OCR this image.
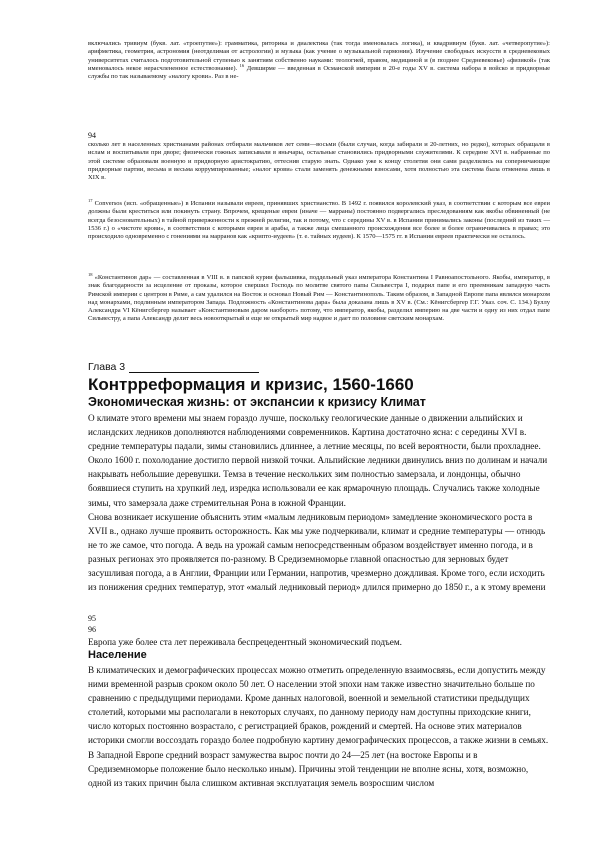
включались тривиум (букв. лат. «троепутие»): грамматика, риторика и диалектика (так тогда именовалась логика), и квадривиум (букв. лат. «четверопутие»): арифметика, геометрия, астрономия (неотделимая от астрологии) и музыка (как учение о музыкальной гармонии). Изучение свободных искусств в средневековых университетах считалось подготовительной ступенью к занятиям собственно науками: теологией, правом, медициной и (в позднее Средневековье) «физикой» (так именовалось некое нерасчлененное естествознание). $^{16}$ Девширме — введенная в Османской империи в 20-е годы XV в. система набора в войско и придворные службы по так называемому «налогу крови». Раз в не-

94

сколько лет в населенных христианами районах отбирали мальчиков лет семи—восьми (были случаи, когда забирали и 20-летних, но редко), которых обращали в ислам и воспитывали при дворе; физически гожных записывали в янычары, остальные становились придворными служителями. К середине XVI в. набранные по этой системе образовали военную и придворную аристократию, оттеснив старую знать. Однако уже к концу столетия они сами разделились на соперничающие придворные партии, весьма и весьма коррумпированные; «налог крови» стали заменять денежными взносами, хотя полностью эта система была отменена лишь в XIX в.

$^{17}$ Conversos (исп. «обращенные») в Испании называли евреев, принявших христианство. В 1492 г. появился королевский указ, в соответствии с которым все евреи должны были креститься или покинуть страну. Впрочем, крещеные евреи (иначе — марраны) постоянно подвергались преследованиям как якобы обвиненный (не всегда безосновательных) в тайной приверженности к прежней религии, так и потому, что с середины XV в. в Испании принимались законы (последний из таких — 1536 г.) о «чистоте крови», в соответствии с которыми евреи и арабы, а также лица смешанного происхождения все более и более ограничивались в правах; это происходило одновременно с гонениями на марранов как «крипто-иудеев» (т. е. тайных иудеев). К 1570—1575 гг. в Испании евреев практически не осталось.

$^{18}$ «Константинов дар» — составленная в VIII в. в папской курии фальшивка, поддельный указ императора Константина I Равноапостольного. Якобы, император, в знак благодарности за исцеление от проказы, которое свершил Господь по молитве святого папы Сильвестра I, подарил папе и его преемникам западную часть Римской империи с центром в Риме, а сам удалился на Восток и основал Новый Рим — Константинополь. Таким образом, в Западной Европе папа являлся монархом над монархами, подлинным императором Запада. Подложность «Константинова дара» была доказана лишь в XV в. (См.: Кёнигсбергер Г.Г. Указ. соч. С. 134.) Буллу Александра VI Кёнигсбергер называет «Константиновым даром наоборот» потому, что император, якобы, разделил империю на две части и одну из них отдал папе Сильвестру, а папа Александр делит весь новооткрытый и еще не открытый мир надвое и дает по половине светским монархам.

Глава 3

Контрреформация и кризис, 1560-1660
Экономическая жизнь: от экспансии к кризису Климат

О климате этого времени мы знаем гораздо лучше, поскольку геологические данные о движении альпийских и исландских ледников дополняются наблюдениями современников. Картина достаточно ясна: с середины XVI в. средние температуры падали, зимы становились длиннее, а летние месяцы, по всей вероятности, были прохладнее. Около 1600 г. похолодание достигло первой низкой точки. Альпийские ледники двинулись вниз по долинам и начали накрывать небольшие деревушки. Темза в течение нескольких зим полностью замерзала, и лондонцы, обычно боявшиеся ступить на хрупкий лед, изредка использовали ее как ярмарочную площадь. Случались также холодные зимы, что замерзала даже стремительная Рона в южной Франции.

Снова возникает искушение объяснить этим «малым ледниковым периодом» замедление экономического роста в XVII в., однако лучше проявить осторожность. Как мы уже подчеркивали, климат и средние температуры — отнюдь не то же самое, что погода. А ведь на урожай самым непосредственным образом воздействует именно погода, и в разных регионах это проявляется по-разному. В Средиземноморье главной опасностью для зерновых будет засушливая погода, а в Англии, Франции или Германии, напротив, чрезмерно дождливая. Кроме того, если исходить из понижения средних температур, этот «малый ледниковый период» длился примерно до 1850 г., а к этому времени

95

96

Европа уже более ста лет переживала беспрецедентный экономический подъем.

Население

В климатических и демографических процессах можно отметить определенную взаимосвязь, если допустить между ними временной разрыв сроком около 50 лет. О населении этой эпохи нам также известно значительно больше по сравнению с предыдущими периодами. Кроме данных налоговой, военной и земельной статистики предыдущих столетий, которыми мы располагали в некоторых случаях, по данному периоду нам доступны приходские книги, число которых постоянно возрастало, с регистрацией браков, рождений и смертей. На основе этих материалов историки смогли воссоздать гораздо более подробную картину демографических процессов, а также жизни в семьях.

В Западной Европе средний возраст замужества вырос почти до 24—25 лет (на востоке Европы и в Средиземноморье положение было несколько иным). Причины этой тенденции не вполне ясны, хотя, возможно, одной из таких причин была слишком активная эксплуатация земель возросшим числом
